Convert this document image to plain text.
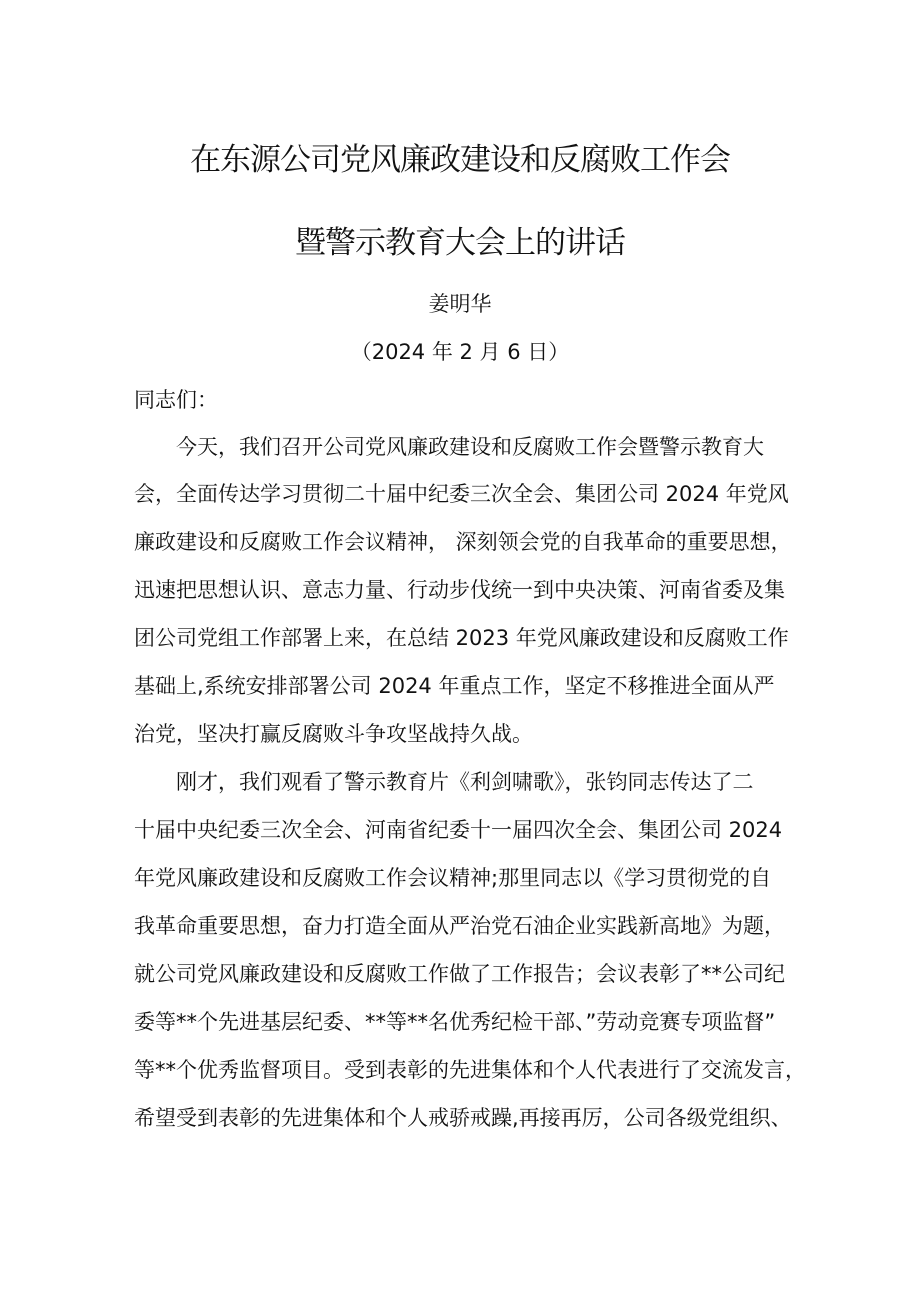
在东源公司党风廉政建设和反腐败工作会
暨警示教育大会上的讲话
姜明华
（2024 年 2 月 6 日）
同志们：
今天，我们召开公司党风廉政建设和反腐败工作会暨警示教育大
会，全面传达学习贯彻二十届中纪委三次全会、集团公司 2024 年党风
廉政建设和反腐败工作会议精神， 深刻领会党的自我革命的重要思想，
迅速把思想认识、意志力量、行动步伐统一到中央决策、河南省委及集
团公司党组工作部署上来，在总结 2023 年党风廉政建设和反腐败工作
基础上,系统安排部署公司 2024 年重点工作，坚定不移推进全面从严
治党，坚决打赢反腐败斗争攻坚战持久战。
刚才，我们观看了警示教育片《利剑啸歌》，张钧同志传达了二
十届中央纪委三次全会、河南省纪委十一届四次全会、集团公司 2024
年党风廉政建设和反腐败工作会议精神;那里同志以《学习贯彻党的自
我革命重要思想，奋力打造全面从严治党石油企业实践新高地》为题，
就公司党风廉政建设和反腐败工作做了工作报告；会议表彰了**公司纪
委等**个先进基层纪委、**等**名优秀纪检干部、”劳动竞赛专项监督”
等**个优秀监督项目。受到表彰的先进集体和个人代表进行了交流发言，
希望受到表彰的先进集体和个人戒骄戒躁,再接再厉，公司各级党组织、
